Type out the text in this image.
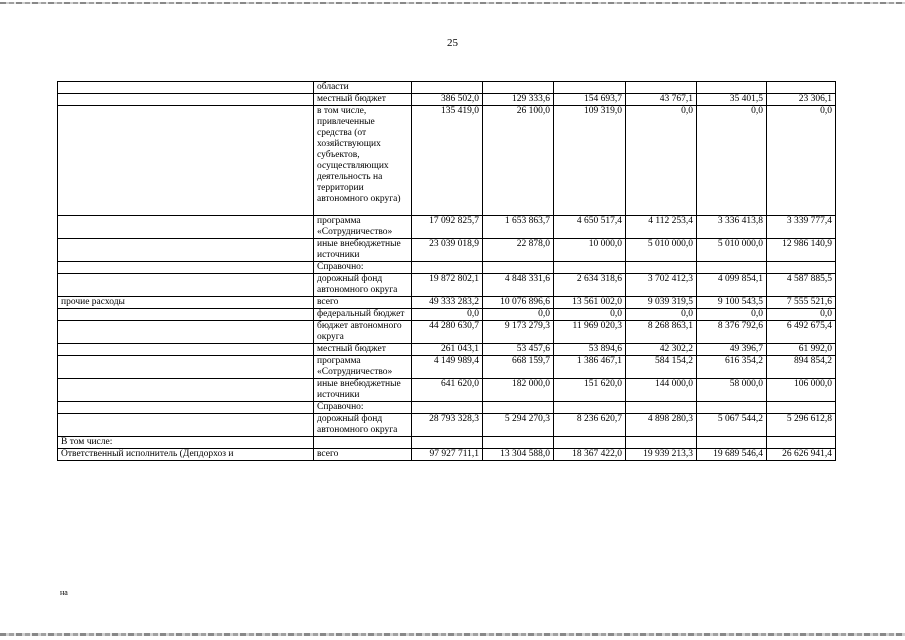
25
	области						
	местный бюджет	386 502,0	129 333,6	154 693,7	43 767,1	35 401,5	23 306,1
	в том числе, привлеченные средства (от хозяйствующих субъектов, осуществляющих деятельность на территории автономного округа)	135 419,0	26 100,0	109 319,0	0,0	0,0	0,0
	программа «Сотрудничество»	17 092 825,7	1 653 863,7	4 650 517,4	4 112 253,4	3 336 413,8	3 339 777,4
	иные внебюджетные источники	23 039 018,9	22 878,0	10 000,0	5 010 000,0	5 010 000,0	12 986 140,9
	Справочно:						
	дорожный фонд автономного округа	19 872 802,1	4 848 331,6	2 634 318,6	3 702 412,3	4 099 854,1	4 587 885,5
прочие расходы	всего	49 333 283,2	10 076 896,6	13 561 002,0	9 039 319,5	9 100 543,5	7 555 521,6
	федеральный бюджет	0,0	0,0	0,0	0,0	0,0	0,0
	бюджет автономного округа	44 280 630,7	9 173 279,3	11 969 020,3	8 268 863,1	8 376 792,6	6 492 675,4
	местный бюджет	261 043,1	53 457,6	53 894,6	42 302,2	49 396,7	61 992,0
	программа «Сотрудничество»	4 149 989,4	668 159,7	1 386 467,1	584 154,2	616 354,2	894 854,2
	иные внебюджетные источники	641 620,0	182 000,0	151 620,0	144 000,0	58 000,0	106 000,0
	Справочно:						
	дорожный фонд автономного округа	28 793 328,3	5 294 270,3	8 236 620,7	4 898 280,3	5 067 544,2	5 296 612,8
В том числе:							
Ответственный исполнитель (Депдорхоз и	всего	97 927 711,1	13 304 588,0	18 367 422,0	19 939 213,3	19 689 546,4	26 626 941,4
на
